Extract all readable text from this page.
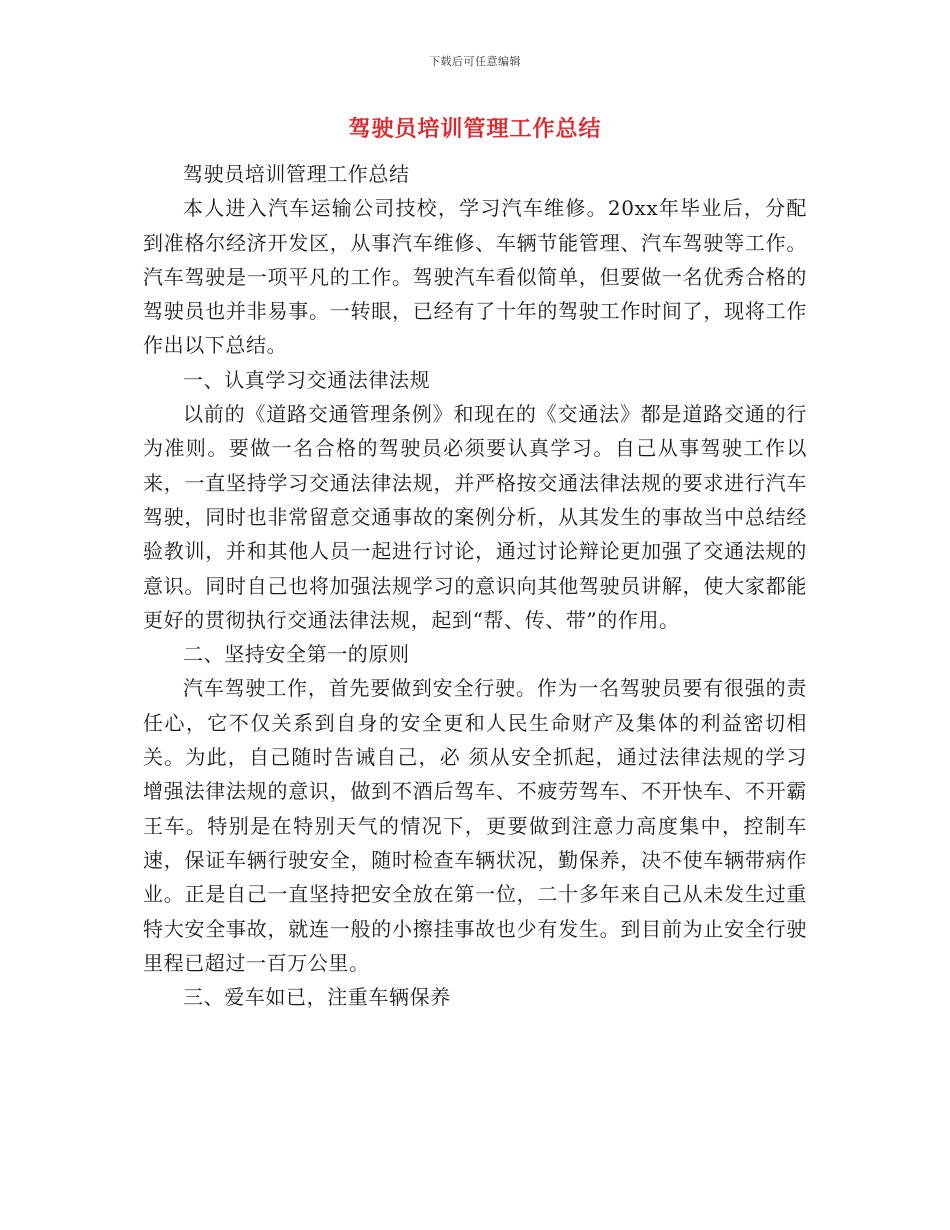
下载后可任意编辑
驾驶员培训管理工作总结

驾驶员培训管理工作总结

本人进入汽车运输公司技校，学习汽车维修。20xx年毕业后，分配到准格尔经济开发区，从事汽车维修、车辆节能管理、汽车驾驶等工作。 汽车驾驶是一项平凡的工作。驾驶汽车看似简单，但要做一名优秀合格的驾驶员也并非易事。一转眼，已经有了十年的驾驶工作时间了，现将工作作出以下总结。

一、认真学习交通法律法规

以前的《道路交通管理条例》和现在的《交通法》都是道路交通的行为准则。要做一名合格的驾驶员必须要认真学习。自己从事驾驶工作以来，一直坚持学习交通法律法规，并严格按交通法律法规的要求进行汽车驾驶，同时也非常留意交通事故的案例分析，从其发生的事故当中总结经验教训，并和其他人员一起进行讨论，通过讨论辩论更加强了交通法规的意识。同时自己也将加强法规学习的意识向其他驾驶员讲解，使大家都能更好的贯彻执行交通法律法规，起到“帮、传、带”的作用。

二、坚持安全第一的原则

汽车驾驶工作，首先要做到安全行驶。作为一名驾驶员要有很强的责任心，它不仅关系到自身的安全更和人民生命财产及集体的利益密切相关。为此，自己随时告诫自己，必 须从安全抓起，通过法律法规的学习增强法律法规的意识，做到不酒后驾车、不疲劳驾车、不开快车、不开霸王车。特别是在特别天气的情况下，更要做到注意力高度集中，控制车速，保证车辆行驶安全，随时检查车辆状况，勤保养，决不使车辆带病作业。正是自己一直坚持把安全放在第一位，二十多年来自己从未发生过重特大安全事故，就连一般的小擦挂事故也少有发生。到目前为止安全行驶里程已超过一百万公里。

三、爱车如已，注重车辆保养
